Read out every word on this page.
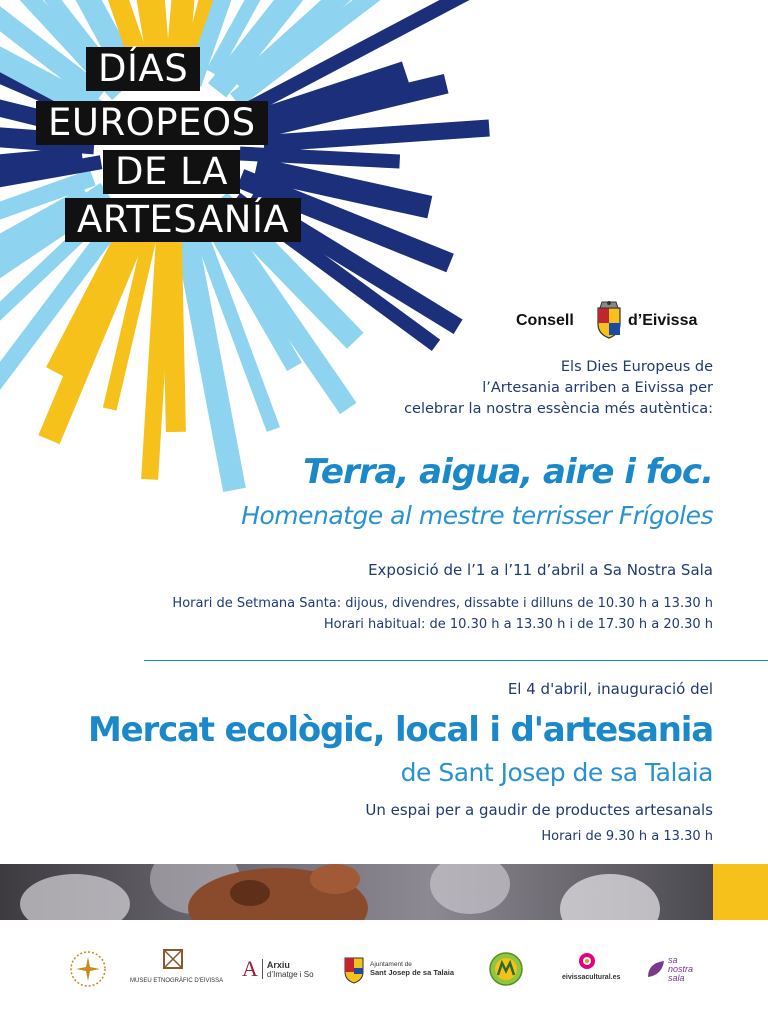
DÍAS
EUROPEOS
DE LA
ARTESANÍA
Consell	d’Eivissa
Els Dies Europeus de
l’Artesania arriben a Eivissa per
celebrar la nostra essència més autèntica:
Terra, aigua, aire i foc.
Homenatge al mestre terrisser Frígoles
Exposició de l’1 a l’11 d’abril a Sa Nostra Sala
Horari de Setmana Santa: dijous, divendres, dissabte i dilluns de 10.30 h a 13.30 h
Horari habitual: de 10.30 h a 13.30 h i de 17.30 h a 20.30 h
El 4 d'abril, inauguració del
Mercat ecològic, local i d'artesania
de Sant Josep de sa Talaia
Un espai per a gaudir de productes artesanals
Horari de 9.30 h a 13.30 h
MUSEU ETNOGRÀFIC D'EIVISSA A Arxiu
d’Imatge i So
Ajuntament de
Sant Josep de sa Talaia
eivissacultural.es
sa nostra sala
